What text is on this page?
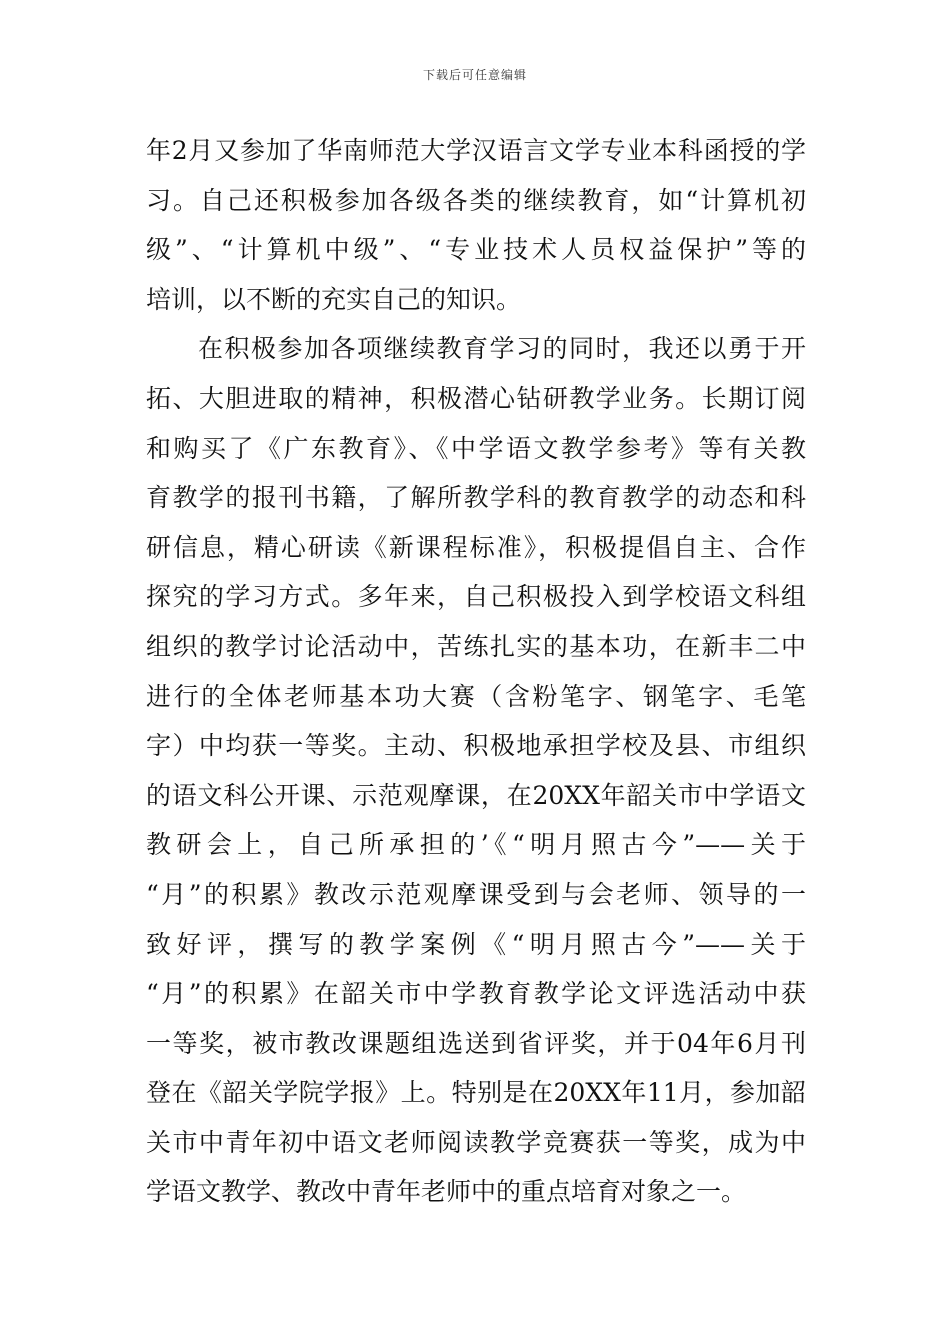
下载后可任意编辑
年2月又参加了华南师范大学汉语言文学专业本科函授的学
习。自己还积极参加各级各类的继续教育，如“计算机初
级”、“计算机中级”、“专业技术人员权益保护”等的
培训，以不断的充实自己的知识。
在积极参加各项继续教育学习的同时，我还以勇于开
拓、大胆进取的精神，积极潜心钻研教学业务。长期订阅
和购买了《广东教育》、《中学语文教学参考》等有关教
育教学的报刊书籍，了解所教学科的教育教学的动态和科
研信息，精心研读《新课程标准》，积极提倡自主、合作
探究的学习方式。多年来，自己积极投入到学校语文科组
组织的教学讨论活动中，苦练扎实的基本功，在新丰二中
进行的全体老师基本功大赛（含粉笔字、钢笔字、毛笔
字）中均获一等奖。主动、积极地承担学校及县、市组织
的语文科公开课、示范观摩课，在20XX年韶关市中学语文
教研会上，自己所承担的’《“明月照古今”——关于
“月”的积累》教改示范观摩课受到与会老师、领导的一
致好评，撰写的教学案例《“明月照古今”——关于
“月”的积累》在韶关市中学教育教学论文评选活动中获
一等奖，被市教改课题组选送到省评奖，并于04年6月刊
登在《韶关学院学报》上。特别是在20XX年11月，参加韶
关市中青年初中语文老师阅读教学竞赛获一等奖，成为中
学语文教学、教改中青年老师中的重点培育对象之一。
